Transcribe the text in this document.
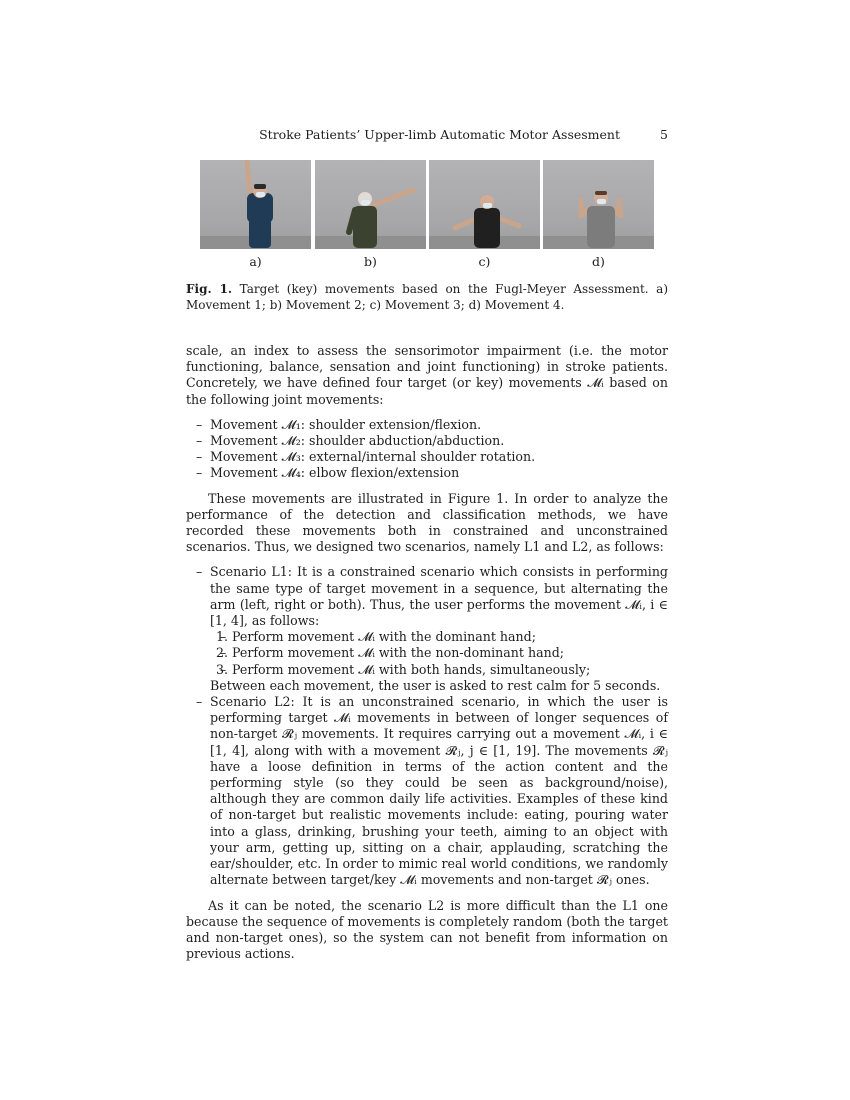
Stroke Patients’ Upper-limb Automatic Motor Assesment	5
a)	b)	c)	d)
Fig. 1. Target (key) movements based on the Fugl-Meyer Assessment. a) Movement 1; b) Movement 2; c) Movement 3; d) Movement 4.

scale, an index to assess the sensorimotor impairment (i.e. the motor functioning, balance, sensation and joint functioning) in stroke patients. Concretely, we have defined four target (or key) movements 𝓜ᵢ based on the following joint movements:

– Movement 𝓜₁: shoulder extension/flexion.
– Movement 𝓜₂: shoulder abduction/abduction.
– Movement 𝓜₃: external/internal shoulder rotation.
– Movement 𝓜₄: elbow flexion/extension

These movements are illustrated in Figure 1. In order to analyze the performance of the detection and classification methods, we have recorded these movements both in constrained and unconstrained scenarios. Thus, we designed two scenarios, namely L1 and L2, as follows:

– Scenario L1: It is a constrained scenario which consists in performing the same type of target movement in a sequence, but alternating the arm (left, right or both). Thus, the user performs the movement 𝓜ᵢ, i ∈ [1, 4], as follows:
– 1. Perform movement 𝓜ᵢ with the dominant hand;
– 2. Perform movement 𝓜ᵢ with the non-dominant hand;
– 3. Perform movement 𝓜ᵢ with both hands, simultaneously;
Between each movement, the user is asked to rest calm for 5 seconds.
– Scenario L2: It is an unconstrained scenario, in which the user is performing target 𝓜ᵢ movements in between of longer sequences of non-target 𝓡ⱼ movements. It requires carrying out a movement 𝓜ᵢ, i ∈ [1, 4], along with with a movement 𝓡ⱼ, j ∈ [1, 19]. The movements 𝓡ⱼ have a loose definition in terms of the action content and the performing style (so they could be seen as background/noise), although they are common daily life activities. Examples of these kind of non-target but realistic movements include: eating, pouring water into a glass, drinking, brushing your teeth, aiming to an object with your arm, getting up, sitting on a chair, applauding, scratching the ear/shoulder, etc. In order to mimic real world conditions, we randomly alternate between target/key 𝓜ᵢ movements and non-target 𝓡ⱼ ones.

As it can be noted, the scenario L2 is more difficult than the L1 one because the sequence of movements is completely random (both the target and non-target ones), so the system can not benefit from information on previous actions.
